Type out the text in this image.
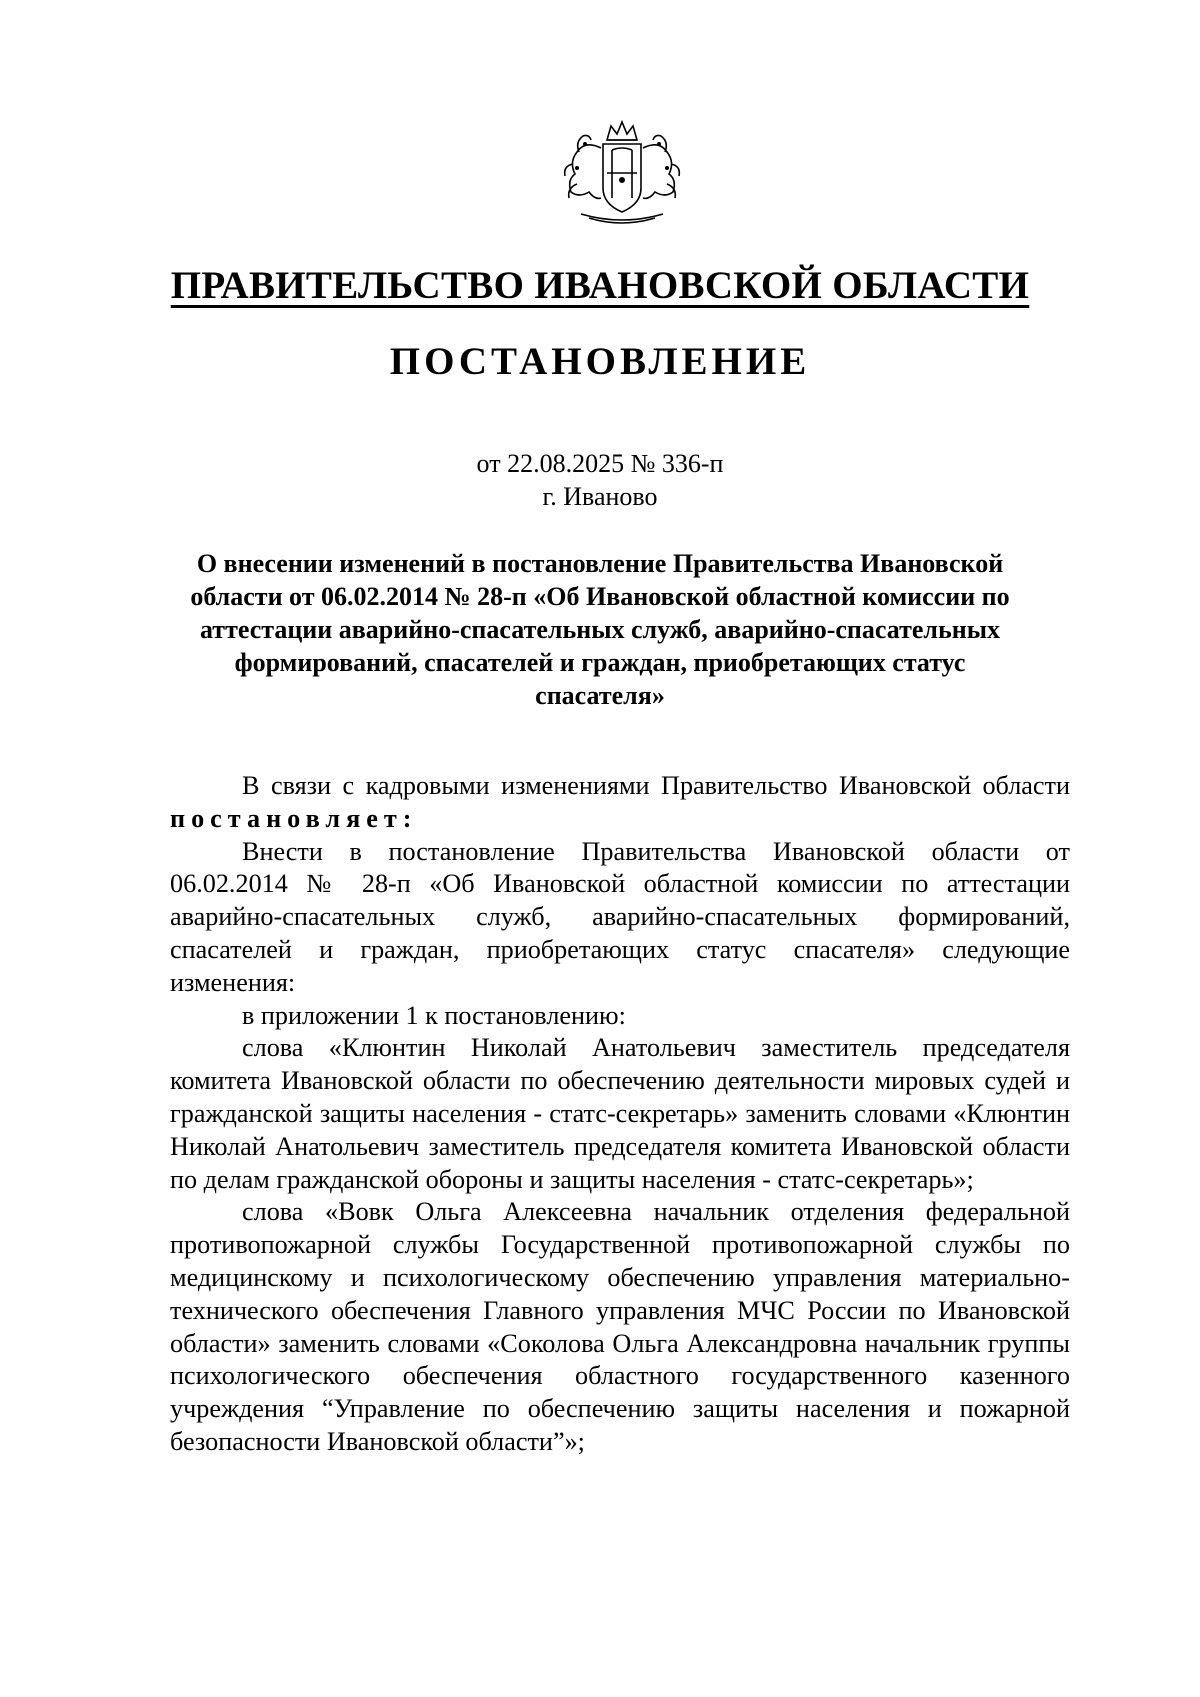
ПРАВИТЕЛЬСТВО ИВАНОВСКОЙ ОБЛАСТИ
ПОСТАНОВЛЕНИЕ
от 22.08.2025 № 336-п
г. Иваново
О внесении изменений в постановление Правительства Ивановской области от 06.02.2014 № 28-п «Об Ивановской областной комиссии по аттестации аварийно-спасательных служб, аварийно-спасательных формирований, спасателей и граждан, приобретающих статус спасателя»

В связи с кадровыми изменениями Правительство Ивановской области постановляет:

Внести в постановление Правительства Ивановской области от 06.02.2014 № 28-п «Об Ивановской областной комиссии по аттестации аварийно-спасательных служб, аварийно-спасательных формирований, спасателей и граждан, приобретающих статус спасателя» следующие изменения:

в приложении 1 к постановлению:

слова «Клюнтин Николай Анатольевич заместитель председателя комитета Ивановской области по обеспечению деятельности мировых судей и гражданской защиты населения - статс-секретарь» заменить словами «Клюнтин Николай Анатольевич заместитель председателя комитета Ивановской области по делам гражданской обороны и защиты населения - статс-секретарь»;

слова «Вовк Ольга Алексеевна начальник отделения федеральной противопожарной службы Государственной противопожарной службы по медицинскому и психологическому обеспечению управления материально-технического обеспечения Главного управления МЧС России по Ивановской области» заменить словами «Соколова Ольга Александровна начальник группы психологического обеспечения областного государственного казенного учреждения “Управление по обеспечению защиты населения и пожарной безопасности Ивановской области”»;
